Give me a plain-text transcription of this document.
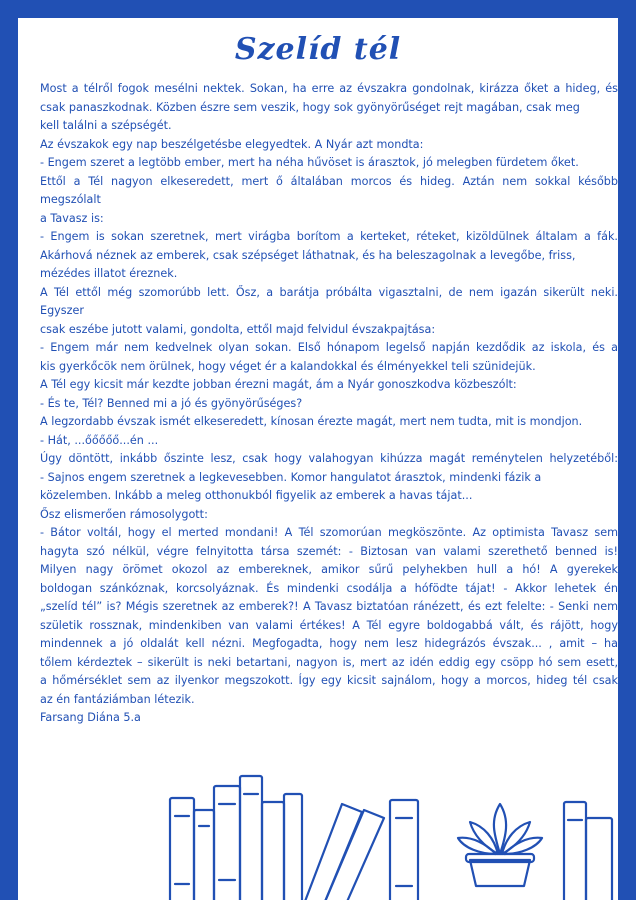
Szelíd tél

Most a télről fogok mesélni nektek. Sokan, ha erre az évszakra gondolnak, kirázza őket a hideg, és

csak panaszkodnak. Közben észre sem veszik, hogy sok gyönyörűséget rejt magában, csak meg

kell találni a szépségét.

Az évszakok egy nap beszélgetésbe elegyedtek. A Nyár azt mondta:

- Engem szeret a legtöbb ember, mert ha néha hűvöset is árasztok, jó melegben fürdetem őket.

Ettől a Tél nagyon elkeseredett, mert ő általában morcos és hideg. Aztán nem sokkal később

megszólalt

a Tavasz is:

- Engem is sokan szeretnek, mert virágba borítom a kerteket, réteket, kizöldülnek általam a fák.

Akárhová néznek az emberek, csak szépséget láthatnak, és ha beleszagolnak a levegőbe, friss,

mézédes illatot éreznek.

A Tél ettől még szomorúbb lett. Ősz, a barátja próbálta vigasztalni, de nem igazán sikerült neki.

Egyszer

csak eszébe jutott valami, gondolta, ettől majd felvidul évszakpajtása:

- Engem már nem kedvelnek olyan sokan. Első hónapom legelső napján kezdődik az iskola, és a

kis gyerkőcök nem örülnek, hogy véget ér a kalandokkal és élményekkel teli szünidejük.

A Tél egy kicsit már kezdte jobban érezni magát, ám a Nyár gonoszkodva közbeszólt:

- És te, Tél? Benned mi a jó és gyönyörűséges?

A legzordabb évszak ismét elkeseredett, kínosan érezte magát, mert nem tudta, mit is mondjon.

- Hát, ...őőőőő...én ...

Úgy döntött, inkább őszinte lesz, csak hogy valahogyan kihúzza magát reménytelen helyzetéből:

- Sajnos engem szeretnek a legkevesebben. Komor hangulatot árasztok, mindenki fázik a

közelemben. Inkább a meleg otthonukból figyelik az emberek a havas tájat...

Ősz elismerően rámosolygott:

- Bátor voltál, hogy el merted mondani! A Tél szomorúan megköszönte. Az optimista Tavasz sem

hagyta szó nélkül, végre felnyitotta társa szemét: - Biztosan van valami szerethető benned is!

Milyen nagy örömet okozol az embereknek, amikor sűrű pelyhekben hull a hó! A gyerekek

boldogan szánkóznak, korcsolyáznak. És mindenki csodálja a hófödte tájat! - Akkor lehetek én

„szelíd tél” is? Mégis szeretnek az emberek?! A Tavasz biztatóan ránézett, és ezt felelte: - Senki nem

születik rossznak, mindenkiben van valami értékes! A Tél egyre boldogabbá vált, és rájött, hogy

mindennek a jó oldalát kell nézni. Megfogadta, hogy nem lesz hidegrázós évszak... , amit – ha

tőlem kérdeztek – sikerült is neki betartani, nagyon is, mert az idén eddig egy csöpp hó sem esett,

a hőmérséklet sem az ilyenkor megszokott. Így egy kicsit sajnálom, hogy a morcos, hideg tél csak

az én fantáziámban létezik.

Farsang Diána 5.a
